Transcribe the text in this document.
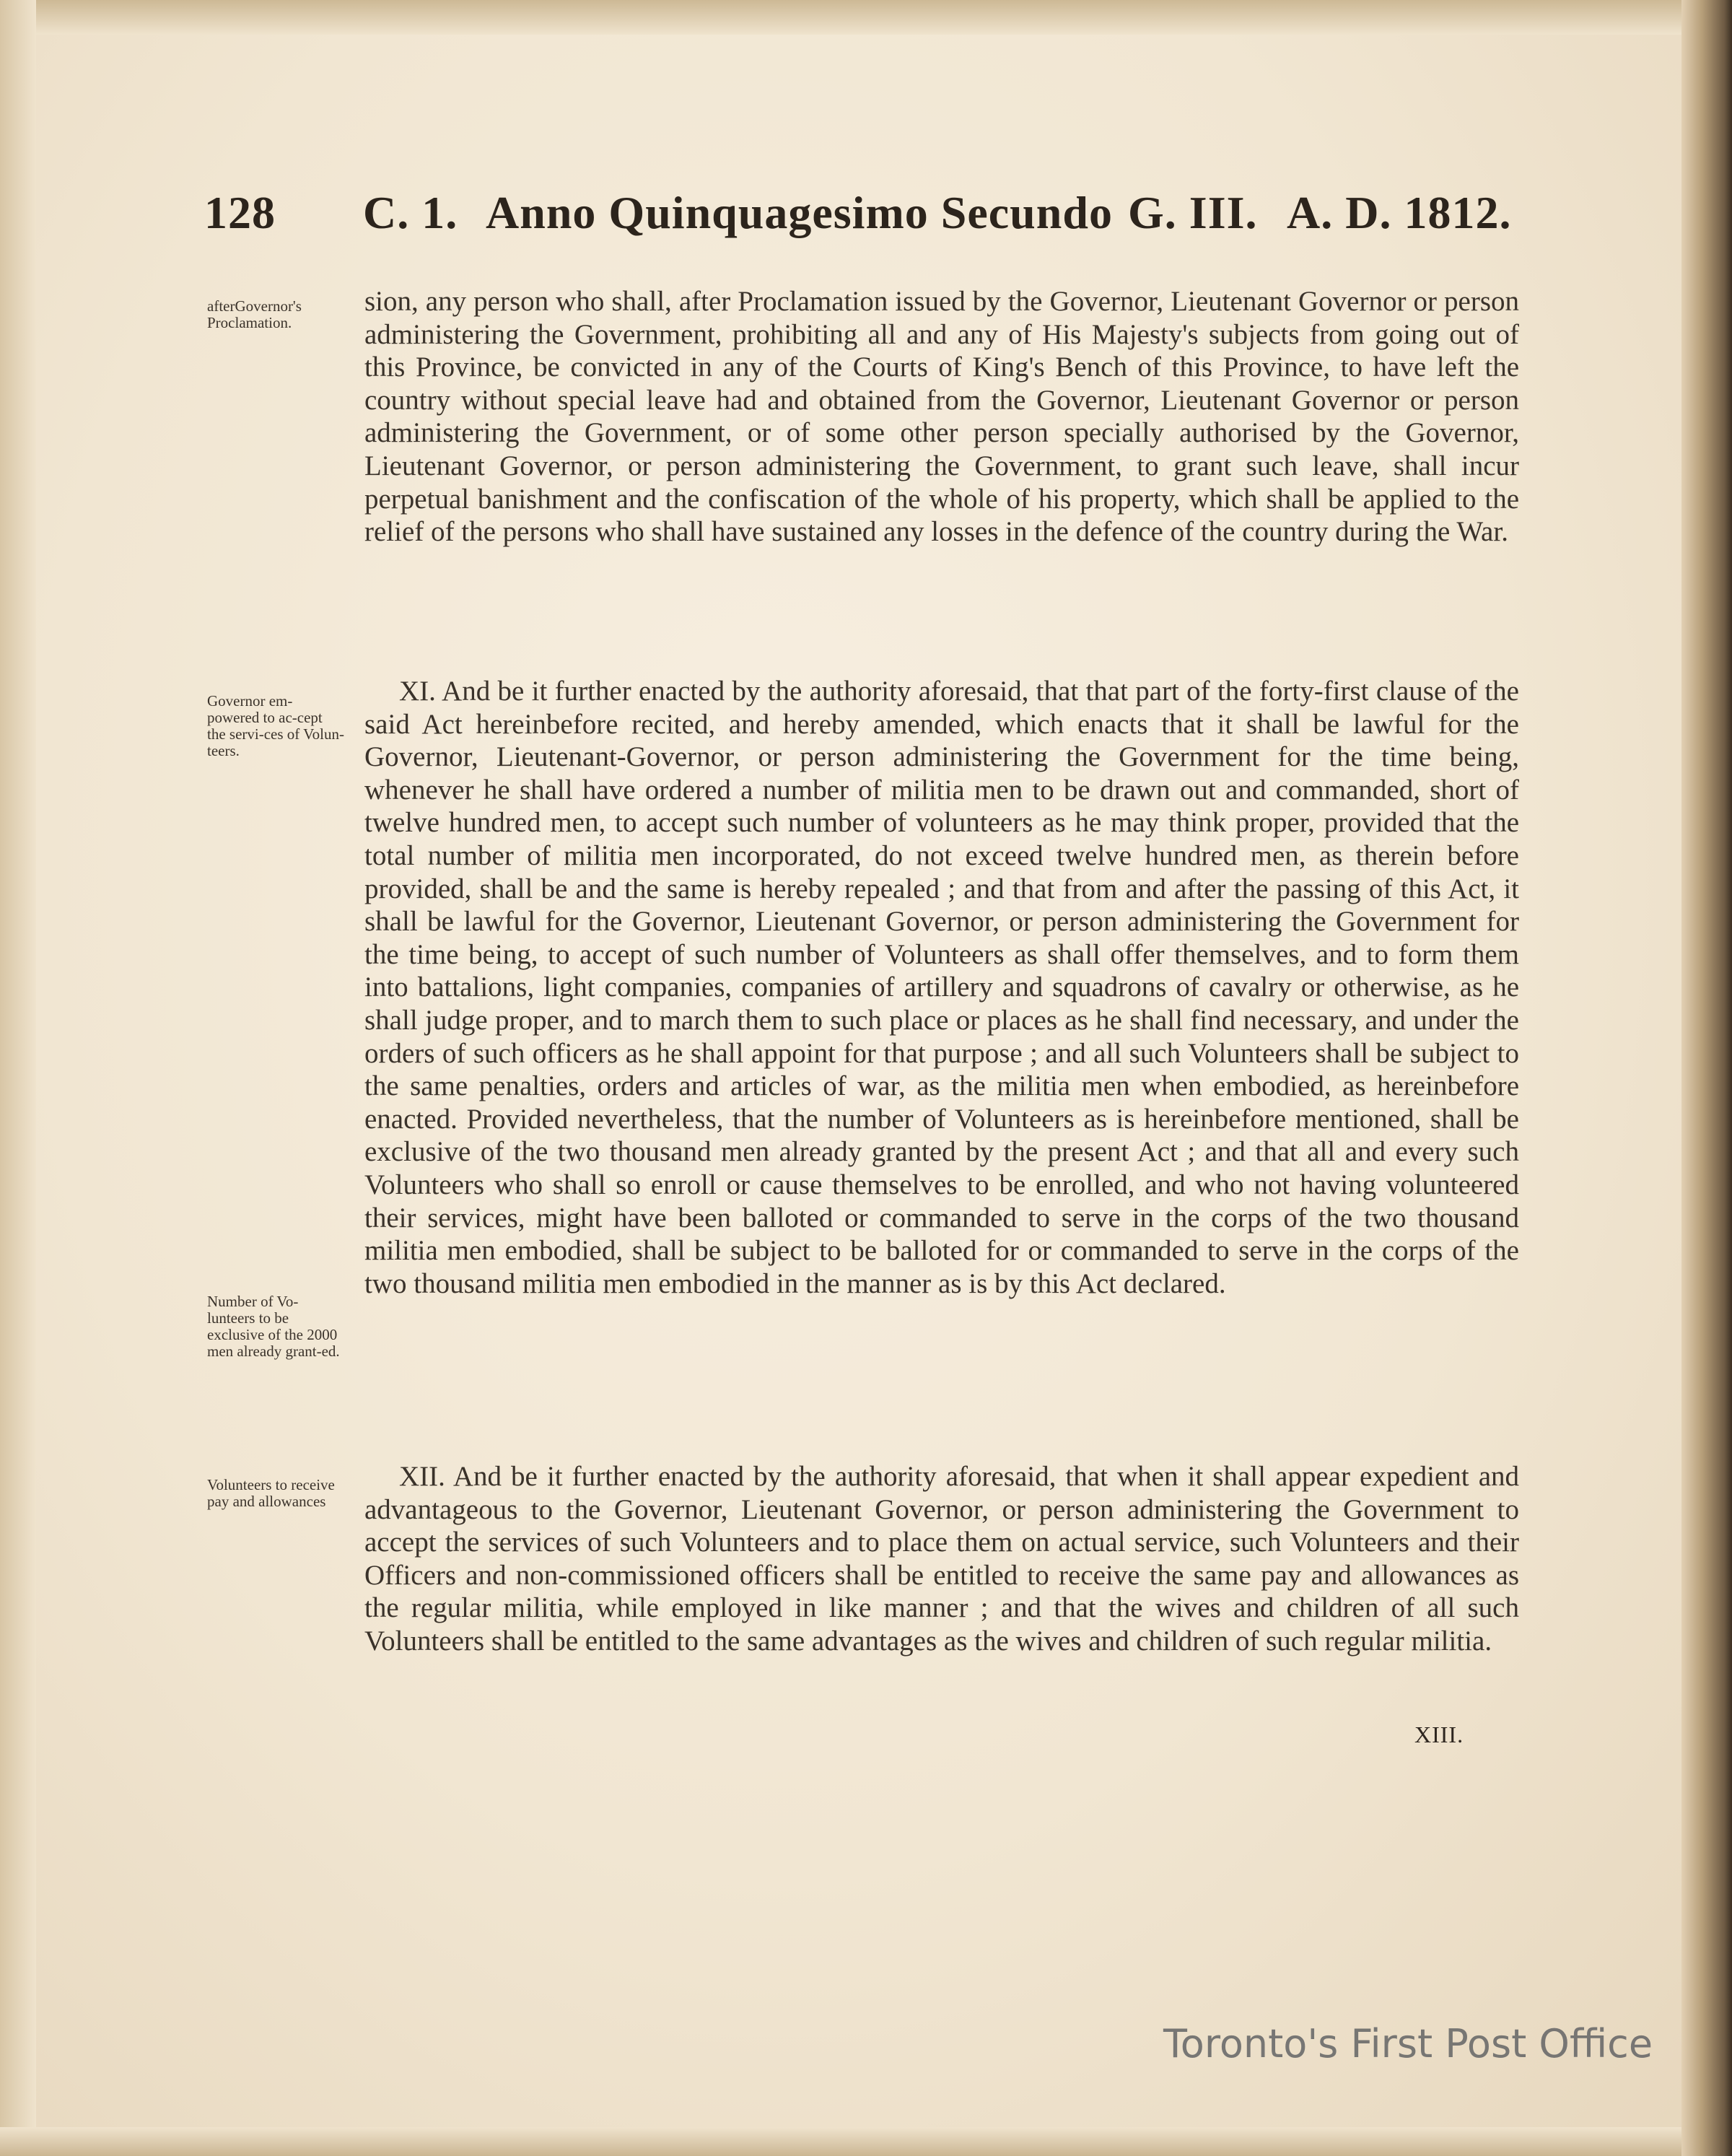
128 C. 1. Anno Quinquagesimo Secundo G. III. A. D. 1812.
afterGovernor's Proclamation.
Governor em-powered to ac-cept the servi-ces of Volun-teers.
Number of Vo-lunteers to be exclusive of the 2000 men already grant-ed.
Volunteers to receive pay and allowances

sion, any person who shall, after Proclamation issued by the Governor, Lieutenant Governor or person administering the Government, prohibiting all and any of His Majesty's subjects from going out of this Province, be convicted in any of the Courts of King's Bench of this Province, to have left the country without special leave had and obtained from the Governor, Lieutenant Governor or person administering the Government, or of some other person specially authorised by the Governor, Lieutenant Governor, or person administering the Government, to grant such leave, shall incur perpetual banishment and the confiscation of the whole of his property, which shall be applied to the relief of the persons who shall have sustained any losses in the defence of the country during the War.

XI. And be it further enacted by the authority aforesaid, that that part of the forty-first clause of the said Act hereinbefore recited, and hereby amended, which enacts that it shall be lawful for the Governor, Lieutenant-Governor, or person administering the Government for the time being, whenever he shall have ordered a number of militia men to be drawn out and commanded, short of twelve hundred men, to accept such number of volunteers as he may think proper, provided that the total number of militia men incorporated, do not exceed twelve hundred men, as therein before provided, shall be and the same is hereby repealed ; and that from and after the passing of this Act, it shall be lawful for the Governor, Lieutenant Governor, or person administering the Government for the time being, to accept of such number of Volunteers as shall offer themselves, and to form them into battalions, light companies, companies of artillery and squadrons of cavalry or otherwise, as he shall judge proper, and to march them to such place or places as he shall find necessary, and under the orders of such officers as he shall appoint for that purpose ; and all such Volunteers shall be subject to the same penalties, orders and articles of war, as the militia men when embodied, as hereinbefore enacted. Provided nevertheless, that the number of Volunteers as is hereinbefore mentioned, shall be exclusive of the two thousand men already granted by the present Act ; and that all and every such Volunteers who shall so enroll or cause themselves to be enrolled, and who not having volunteered their services, might have been balloted or commanded to serve in the corps of the two thousand militia men embodied, shall be subject to be balloted for or commanded to serve in the corps of the two thousand militia men embodied in the manner as is by this Act declared.

XII. And be it further enacted by the authority aforesaid, that when it shall appear expedient and advantageous to the Governor, Lieutenant Governor, or person administering the Government to accept the services of such Volunteers and to place them on actual service, such Volunteers and their Officers and non-commissioned officers shall be entitled to receive the same pay and allowances as the regular militia, while employed in like manner ; and that the wives and children of all such Volunteers shall be entitled to the same advantages as the wives and children of such regular militia.

XIII.
Toronto's First Post Office
